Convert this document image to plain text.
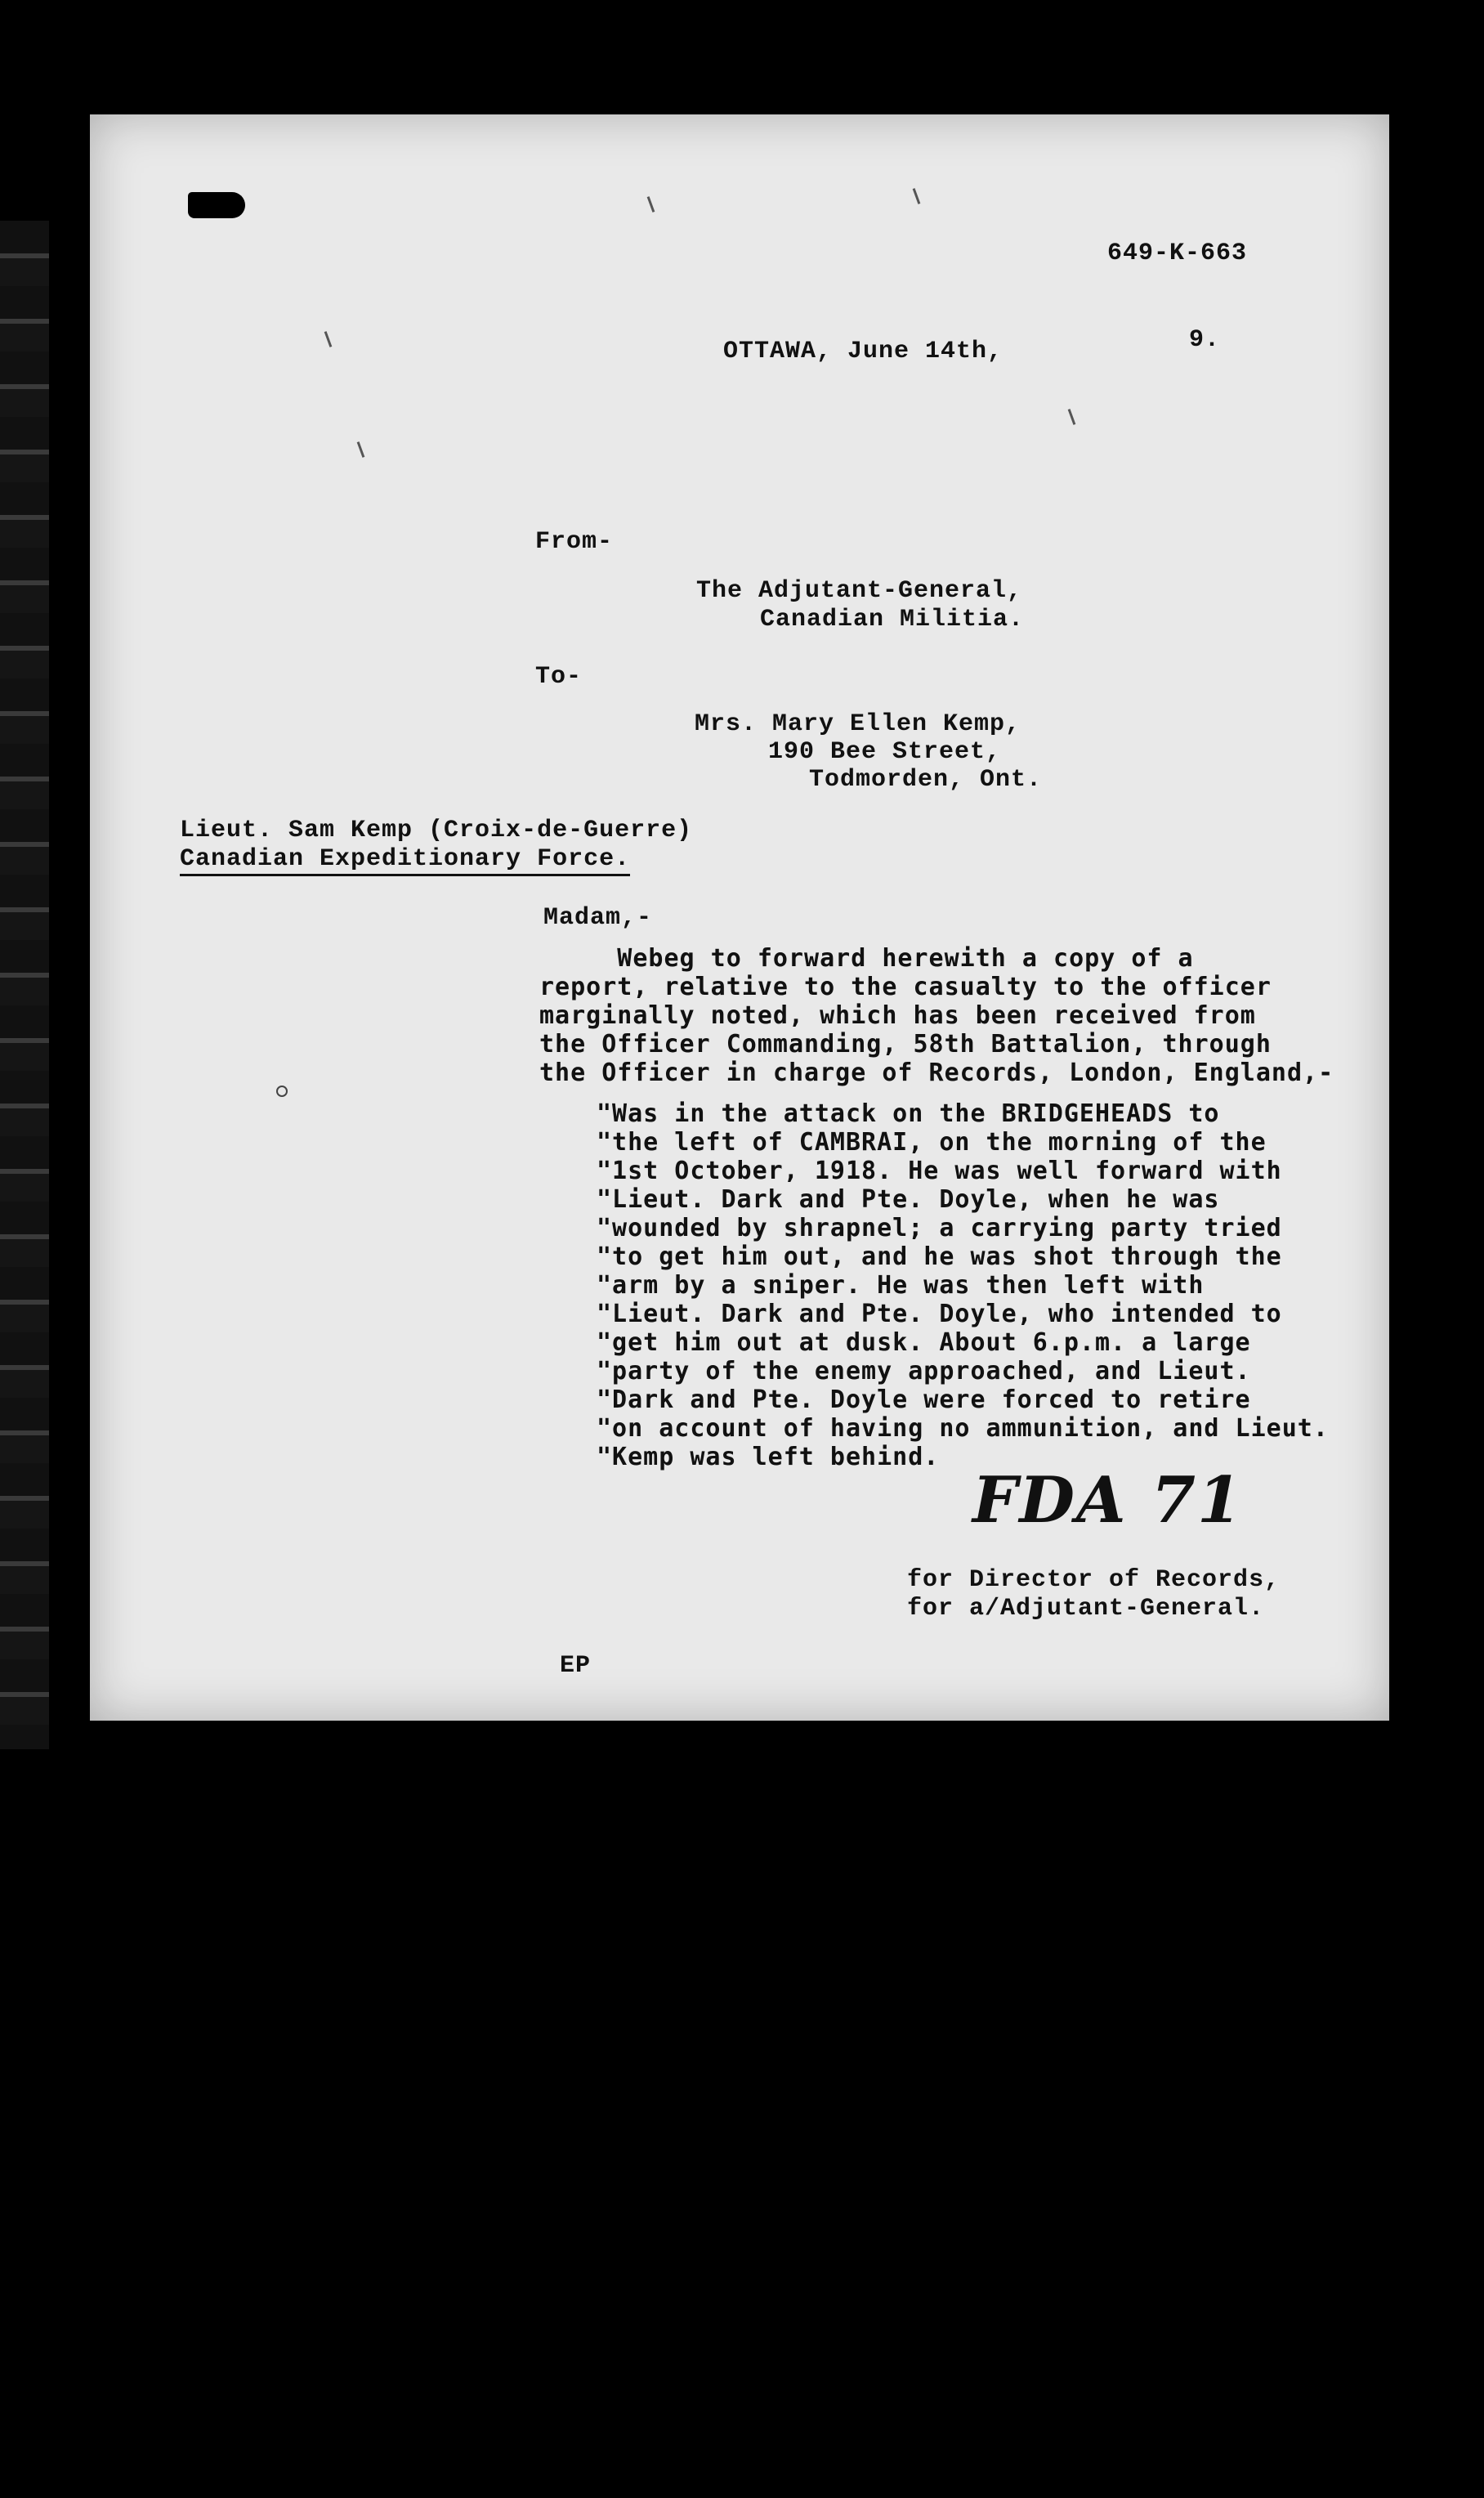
649-K-663
OTTAWA, June 14th,	9.
From-
The Adjutant-General,
Canadian Militia.
To-
Mrs. Mary Ellen Kemp,
190 Bee Street,
Todmorden, Ont.
Lieut. Sam Kemp (Croix-de-Guerre)
Canadian Expeditionary Force.
Madam,-
Webeg to forward herewith a copy of a
report, relative to the casualty to the officer
marginally noted, which has been received from
the Officer Commanding, 58th Battalion, through
the Officer in charge of Records, London, England,-
"Was in the attack on the BRIDGEHEADS to
"the left of CAMBRAI, on the morning of the
"1st October, 1918. He was well forward with
"Lieut. Dark and Pte. Doyle, when he was
"wounded by shrapnel; a carrying party tried
"to get him out, and he was shot through the
"arm by a sniper. He was then left with
"Lieut. Dark and Pte. Doyle, who intended to
"get him out at dusk. About 6.p.m. a large
"party of the enemy approached, and Lieut.
"Dark and Pte. Doyle were forced to retire
"on account of having no ammunition, and Lieut.
"Kemp was left behind.
FDA 71
for Director of Records,
for a/Adjutant-General.
EP
